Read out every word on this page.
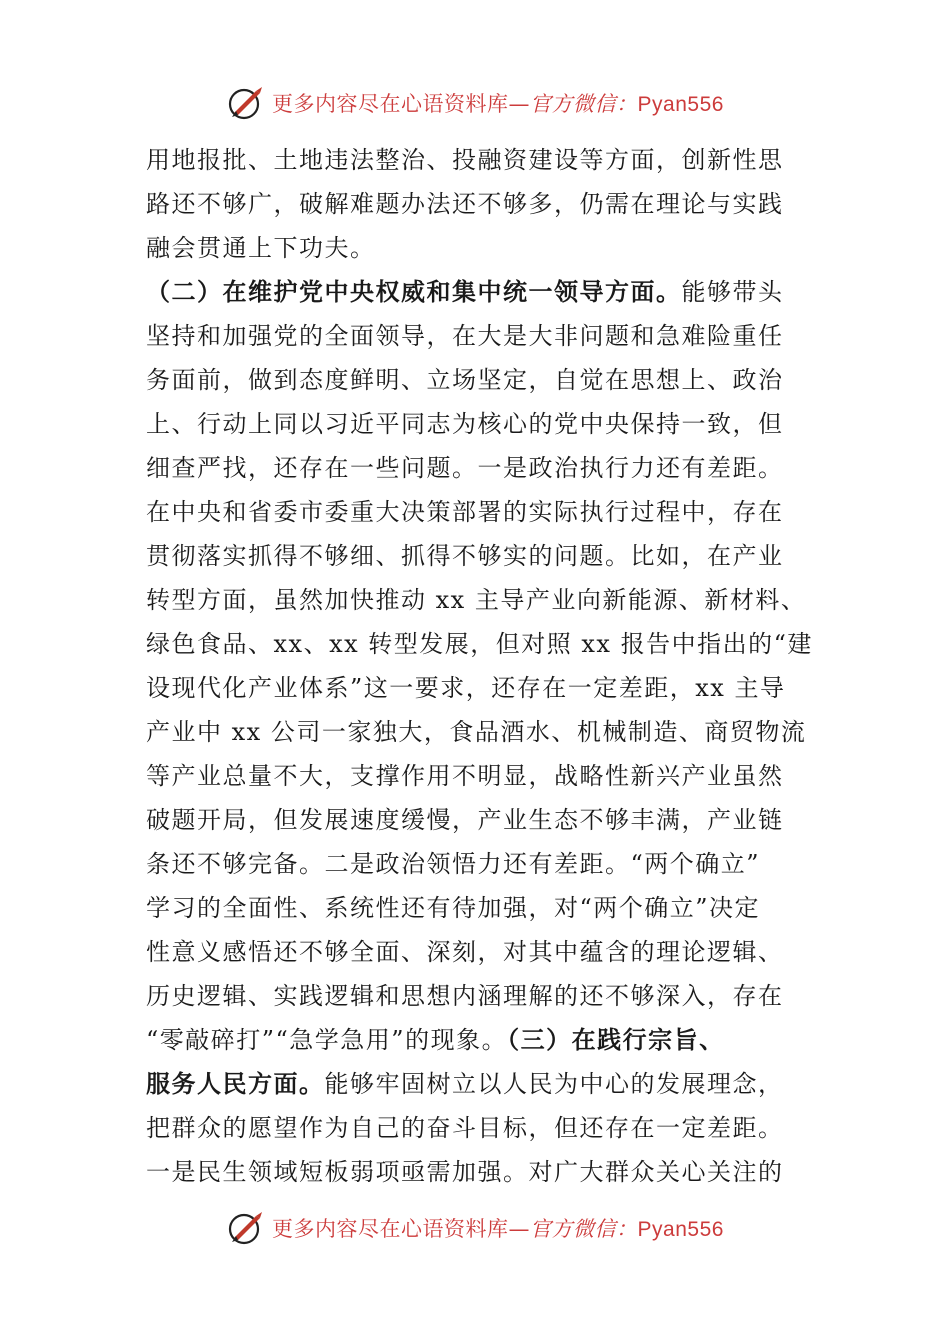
更多内容尽在心语资料库—官方微信：Pyan556
用地报批、土地违法整治、投融资建设等方面，创新性思
路还不够广，破解难题办法还不够多，仍需在理论与实践
融会贯通上下功夫。
（二）在维护党中央权威和集中统一领导方面。能够带头
坚持和加强党的全面领导，在大是大非问题和急难险重任
务面前，做到态度鲜明、立场坚定，自觉在思想上、政治
上、行动上同以习近平同志为核心的党中央保持一致，但
细查严找，还存在一些问题。一是政治执行力还有差距。
在中央和省委市委重大决策部署的实际执行过程中，存在
贯彻落实抓得不够细、抓得不够实的问题。比如，在产业
转型方面，虽然加快推动 xx 主导产业向新能源、新材料、
绿色食品、xx、xx 转型发展，但对照 xx 报告中指出的“建
设现代化产业体系”这一要求，还存在一定差距，xx 主导
产业中 xx 公司一家独大，食品酒水、机械制造、商贸物流
等产业总量不大，支撑作用不明显，战略性新兴产业虽然
破题开局，但发展速度缓慢，产业生态不够丰满，产业链
条还不够完备。二是政治领悟力还有差距。“两个确立”
学习的全面性、系统性还有待加强，对“两个确立”决定
性意义感悟还不够全面、深刻，对其中蕴含的理论逻辑、
历史逻辑、实践逻辑和思想内涵理解的还不够深入，存在
“零敲碎打”“急学急用”的现象。（三）在践行宗旨、
服务人民方面。能够牢固树立以人民为中心的发展理念，
把群众的愿望作为自己的奋斗目标，但还存在一定差距。
一是民生领域短板弱项亟需加强。对广大群众关心关注的
更多内容尽在心语资料库—官方微信：Pyan556
